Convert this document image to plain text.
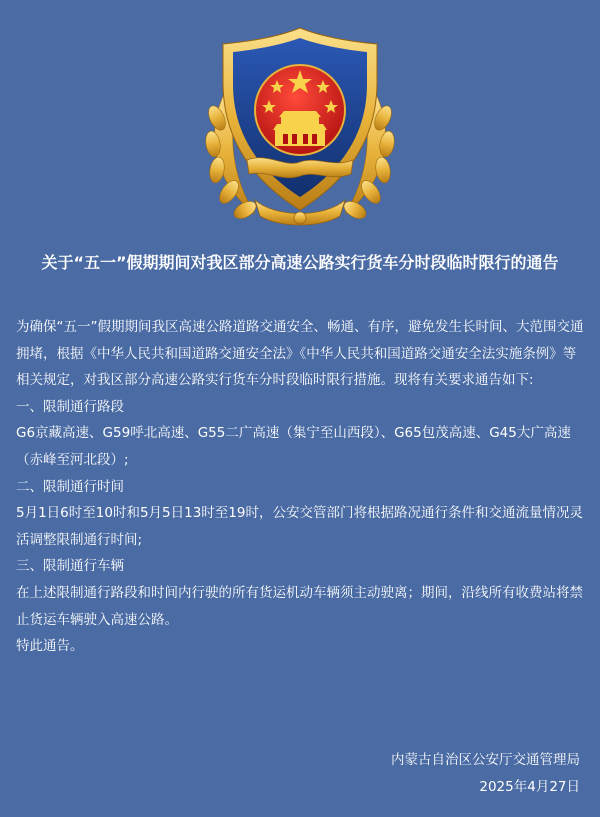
关于“五一”假期期间对我区部分高速公路实行货车分时段临时限行的通告

为确保“五一”假期期间我区高速公路道路交通安全、畅通、有序，避免发生长时间、大范围交通拥堵，根据《中华人民共和国道路交通安全法》《中华人民共和国道路交通安全法实施条例》等相关规定，对我区部分高速公路实行货车分时段临时限行措施。现将有关要求通告如下:

一、限制通行路段

G6京藏高速、G59呼北高速、G55二广高速（集宁至山西段）、G65包茂高速、G45大广高速（赤峰至河北段）;

二、限制通行时间

5月1日6时至10时和5月5日13时至19时，公安交管部门将根据路况通行条件和交通流量情况灵活调整限制通行时间;

三、限制通行车辆

在上述限制通行路段和时间内行驶的所有货运机动车辆须主动驶离；期间，沿线所有收费站将禁止货运车辆驶入高速公路。

特此通告。

内蒙古自治区公安厅交通管理局
2025年4月27日
